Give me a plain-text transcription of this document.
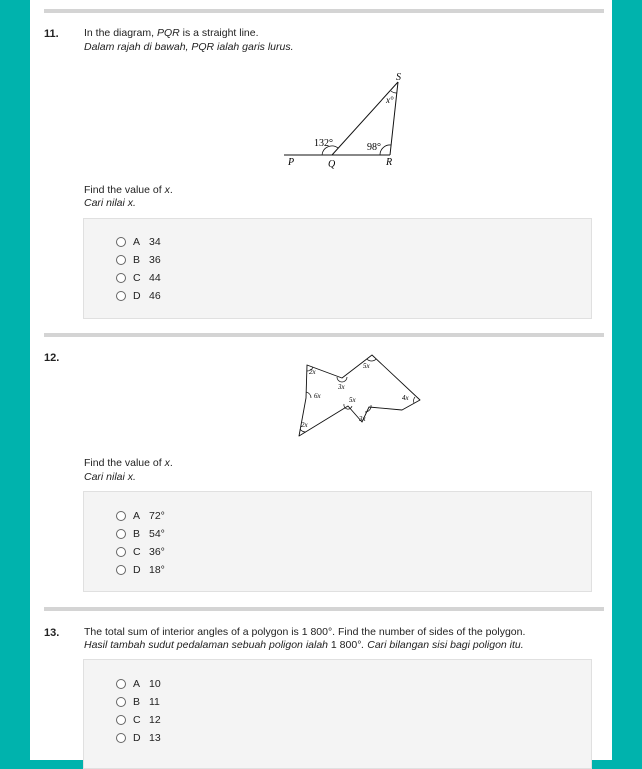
11. In the diagram, PQR is a straight line.
Dalam rajah di bawah, PQR ialah garis lurus.
P	Q	R
S
132°	98°
x°
Find the value of x.
Cari nilai x.
A 34
B 36
C 44
D 46
12.
2x
3x
5x
6x	5x	4x
3x
2x
Find the value of x.
Cari nilai x.
A 72°
B 54°
C 36°
D 18°
13. The total sum of interior angles of a polygon is 1 800°. Find the number of sides of the polygon.
Hasil tambah sudut pedalaman sebuah poligon ialah 1 800°. Cari bilangan sisi bagi poligon itu.
A 10
B 11
C 12
D 13
